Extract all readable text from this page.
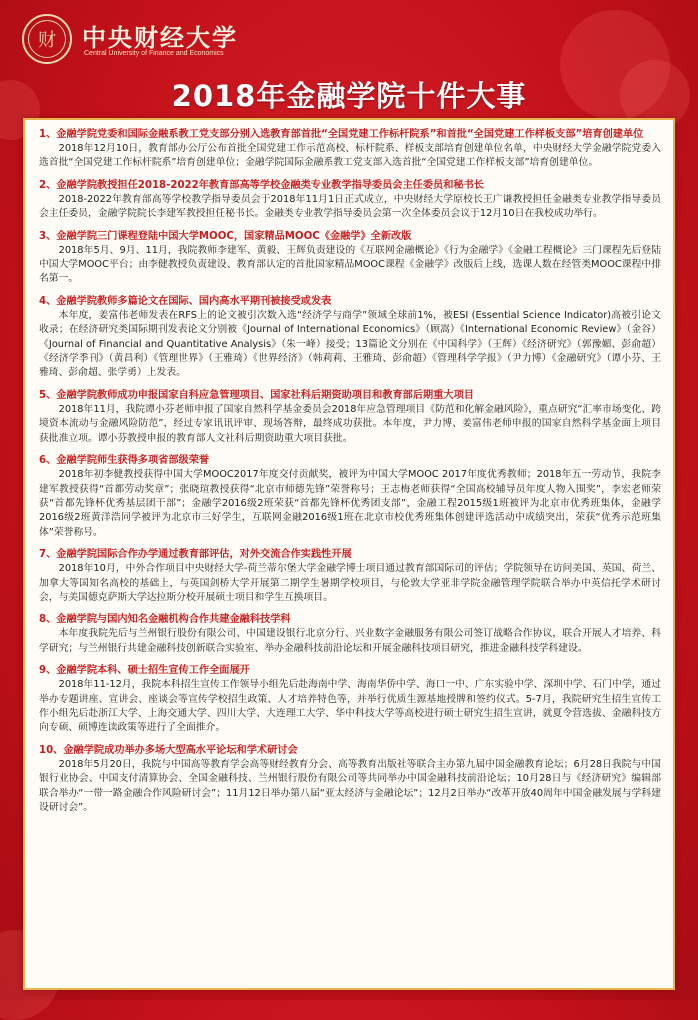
财 中央财经大学
Central University of Finance and Economics
2018年金融学院十件大事

1、金融学院党委和国际金融系教工党支部分别入选教育部首批“全国党建工作标杆院系”和首批“全国党建工作样板支部”培育创建单位

2018年12月10日，教育部办公厅公布首批全国党建工作示范高校、标杆院系、样板支部培育创建单位名单，中央财经大学金融学院党委入选首批“全国党建工作标杆院系”培育创建单位；金融学院国际金融系教工党支部入选首批“全国党建工作样板支部”培育创建单位。

2、金融学院教授担任2018-2022年教育部高等学校金融类专业教学指导委员会主任委员和秘书长

2018-2022年教育部高等学校教学指导委员会于2018年11月1日正式成立，中央财经大学原校长王广谦教授担任金融类专业教学指导委员会主任委员，金融学院院长李建军教授担任秘书长。金融类专业教学指导委员会第一次全体委员会议于12月10日在我校成功举行。

3、金融学院三门课程登陆中国大学MOOC，国家精品MOOC《金融学》全新改版

2018年5月、9月、11月，我院教师李建军、黄毅、王辉负责建设的《互联网金融概论》《行为金融学》《金融工程概论》三门课程先后登陆中国大学MOOC平台；由李健教授负责建设、教育部认定的首批国家精品MOOC课程《金融学》改版后上线，选课人数在经管类MOOC课程中排名第一。

4、金融学院教师多篇论文在国际、国内高水平期刊被接受或发表

本年度，姜富伟老师发表在RFS上的论文被引次数入选“经济学与商学”领域全球前1%，被ESI (Essential Science Indicator)高被引论文收录；在经济研究类国际期刊发表论文分别被《Journal of International Economics》（顾嵩）《International Economic Review》（金谷）《Journal of Financial and Quantitative Analysis》（朱一峰）接受；13篇论文分别在《中国科学》（王辉）《经济研究》（郭豫媚、彭俞超）《经济学季刊》（黄昌利）《管理世界》（王雅琦）《世界经济》（韩莉莉、王雅琦、彭俞超）《管理科学学报》（尹力博）《金融研究》（谭小芬、王雅琦、彭俞超、张学勇）上发表。

5、金融学院教师成功申报国家自科应急管理项目、国家社科后期资助项目和教育部后期重大项目

2018年11月，我院谭小芬老师申报了国家自然科学基金委员会2018年应急管理项目《防范和化解金融风险》，重点研究“汇率市场变化、跨境资本流动与金融风险防范”，经过专家讯讯评审、现场答辩，最终成功获批。本年度，尹力博、姜富伟老师申报的国家自然科学基金面上项目获批准立项。谭小芬教授申报的教育部人文社科后期资助重大项目获批。

6、金融学院师生获得多项省部级荣誉

2018年初李健教授获得中国大学MOOC2017年度交付贡献奖，被评为中国大学MOOC 2017年度优秀教师；2018年五一劳动节，我院李建军教授获得“首都劳动奖章”；张晓瑄教授获得“北京市师德先锋”荣誉称号；王志梅老师获得“全国高校辅导员年度人物入围奖”，李宏老师荣获“首都先锋杯优秀基层团干部”；金融学2016级2班荣获“首都先锋杯优秀团支部”，金融工程2015级1班被评为北京市优秀班集体，金融学2016级2班黄洋浩同学被评为北京市三好学生，互联网金融2016级1班在北京市校优秀班集体创建评选活动中成绩突出，荣获“优秀示范班集体”荣誉称号。

7、金融学院国际合作办学通过教育部评估，对外交流合作实践性开展

2018年10月，中外合作项目中央财经大学-荷兰蒂尔堡大学金融学博士项目通过教育部国际司的评估；学院领导在访问美国、英国、荷兰、加拿大等国知名高校的基础上，与英国剑桥大学开展第二期学生暑期学校项目，与伦敦大学亚非学院金融管理学院联合举办中英信托学术研讨会，与美国德克萨斯大学达拉斯分校开展硕士项目和学生互换项目。

8、金融学院与国内知名金融机构合作共建金融科技学科

本年度我院先后与兰州银行股份有限公司、中国建设银行北京分行、兴业数字金融服务有限公司签订战略合作协议，联合开展人才培养、科学研究；与兰州银行共建金融科技创新联合实验室、举办金融科技前沿论坛和开展金融科技项目研究，推进金融科技学科建设。

9、金融学院本科、硕士招生宣传工作全面展开

2018年11-12月，我院本科招生宣传工作领导小组先后赴海南中学、海南华侨中学、海口一中、广东实验中学、深圳中学、石门中学，通过举办专题讲座、宣讲会、座谈会等宣传学校招生政策、人才培养特色等，并举行优质生源基地授牌和签约仪式。5-7月，我院研究生招生宣传工作小组先后赴浙江大学、上海交通大学、四川大学、大连理工大学、华中科技大学等高校进行硕士研究生招生宣讲，就夏令营选拔、金融科技方向专硕、硕博连读政策等进行了全面推介。

10、金融学院成功举办多场大型高水平论坛和学术研讨会

2018年5月20日，我院与中国高等教育学会高等财经教育分会、高等教育出版社等联合主办第九届中国金融教育论坛；6月28日我院与中国银行业协会、中国支付清算协会、全国金融科技、兰州银行股份有限公司等共同举办中国金融科技前沿论坛；10月28日与《经济研究》编辑部联合举办“一带一路金融合作风险研讨会”；11月12日举办第八届“亚太经济与金融论坛”；12月2日举办“改革开放40周年中国金融发展与学科建设研讨会”。
